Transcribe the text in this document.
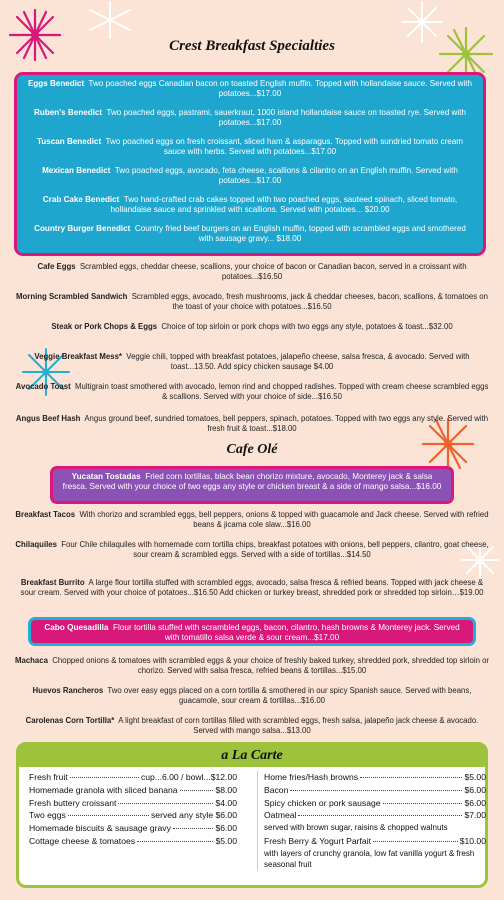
Crest Breakfast Specialties

Eggs Benedict Two poached eggs Canadian bacon on toasted English muffin. Topped with hollandaise sauce. Served with potatoes...$17.00

Ruben's Benedict Two poached eggs, pastrami, sauerkraut, 1000 island hollandaise sauce on toasted rye. Served with potatoes...$17.00

Tuscan Benedict Two poached eggs on fresh croissant, sliced ham & asparagus. Topped with sundried tomato cream sauce with herbs. Served with potatoes...$17.00

Mexican Benedict Two poached eggs, avocado, feta cheese, scallions & cilantro on an English muffin. Served with potatoes...$17.00

Crab Cake Benedict Two hand-crafted crab cakes topped with two poached eggs, sauteed spinach, sliced tomato, hollandaise sauce and sprinkled with scallions. Served with potatoes... $20.00

Country Burger Benedict Country fried beef burgers on an English muffin, topped with scrambled eggs and smothered with sausage gravy... $18.00

Cafe Eggs Scrambled eggs, cheddar cheese, scallions, your choice of bacon or Canadian bacon, served in a croissant with potatoes...$16.50

Morning Scrambled Sandwich Scrambled eggs, avocado, fresh mushrooms, jack & cheddar cheeses, bacon, scallions, & tomatoes on the toast of your choice with potatoes...$16.50

Steak or Pork Chops & Eggs Choice of top sirloin or pork chops with two eggs any style, potatoes & toast...$32.00

Veggie Breakfast Mess* Veggie chili, topped with breakfast potatoes, jalapeño cheese, salsa fresca, & avocado. Served with toast...13.50. Add spicy chicken sausage $4.00

Avocado Toast Multigrain toast smothered with avocado, lemon rind and chopped radishes. Topped with cream cheese scrambled eggs & scallions. Served with your choice of side...$16.50

Angus Beef Hash Angus ground beef, sundried tomatoes, bell peppers, spinach, potatoes. Topped with two eggs any style. Served with fresh fruit & toast...$18.00

Cafe Olé
Yucatan Tostadas Fried corn tortillas, black bean chorizo mixture, avocado, Monterey jack & salsa fresca. Served with your choice of two eggs any style or chicken breast & a side of mango salsa...$16.00

Breakfast Tacos With chorizo and scrambled eggs, bell peppers, onions & topped with guacamole and Jack cheese. Served with refried beans & jicama cole slaw...$16.00

Chilaquiles Four Chile chilaquiles with homemade corn tortilla chips, breakfast potatoes with onions, bell peppers, cilantro, goat cheese, sour cream & scrambled eggs. Served with a side of tortillas...$14.50

Breakfast Burrito A large flour tortilla stuffed with scrambled eggs, avocado, salsa fresca & refried beans. Topped with jack cheese & sour cream. Served with your choice of potatoes...$16.50 Add chicken or turkey breast, shredded pork or shredded top sirloin…$19.00

Cabo Quesadilla Flour tortilla stuffed with scrambled eggs, bacon, cilantro, hash browns & Monterey jack. Served with tomatillo salsa verde & sour cream...$17.00

Machaca Chopped onions & tomatoes with scrambled eggs & your choice of freshly baked turkey, shredded pork, shredded top sirloin or chorizo. Served with salsa fresca, refried beans & tortillas...$15.00

Huevos Rancheros Two over easy eggs placed on a corn tortilla & smothered in our spicy Spanish sauce. Served with beans, guacamole, sour cream & tortillas...$16.00

Carolenas Corn Tortilla* A light breakfast of corn tortillas filled with scrambled eggs, fresh salsa, jalapeño jack cheese & avocado. Served with mango salsa...$13.00

a La Carte
Fresh fruit	cup...6.00 / bowl...$12.00
Homemade granola with sliced banana	$8.00
Fresh buttery croissant	$4.00
Two eggs	served any style $6.00
Homemade biscuits & sausage gravy	$6.00
Cottage cheese & tomatoes	$5.00
Home fries/Hash browns	$5.00
Bacon	$6.00
Spicy chicken or pork sausage	$6.00
Oatmeal	$7.00
served with brown sugar, raisins & chopped walnuts
Fresh Berry & Yogurt Parfait	$10.00
with layers of crunchy granola, low fat vanilla yogurt & fresh seasonal fruit
